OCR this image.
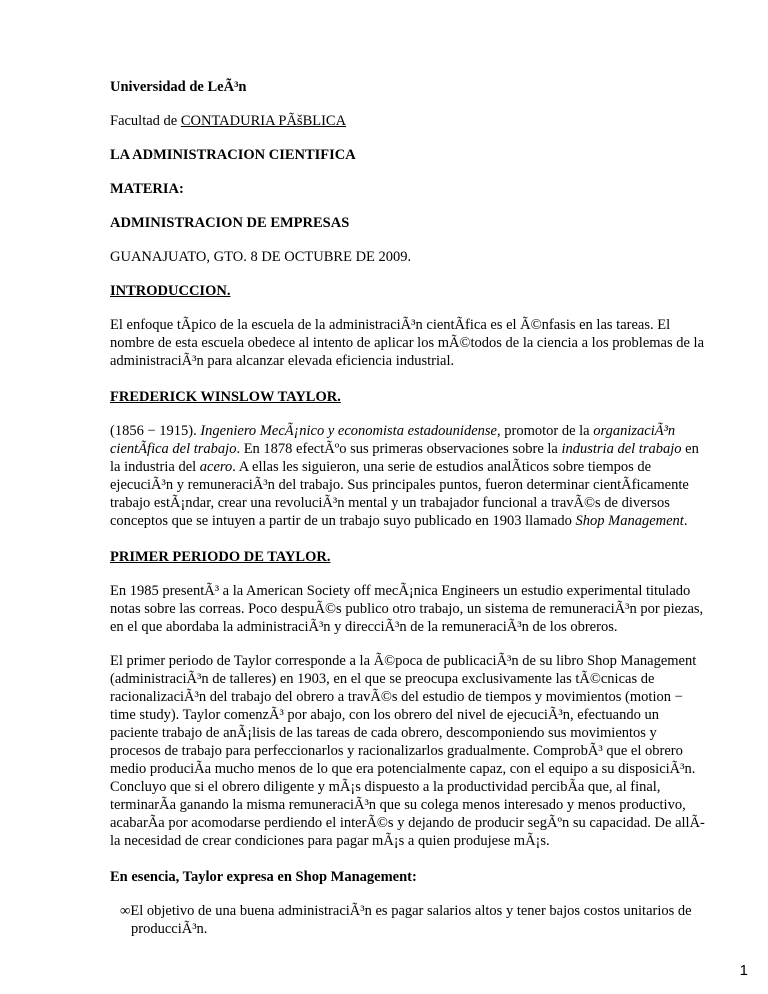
Universidad de LeÃ³n

Facultad de CONTADURIA PÃšBLICA

LA ADMINISTRACION CIENTIFICA

MATERIA:

ADMINISTRACION DE EMPRESAS

GUANAJUATO, GTO. 8 DE OCTUBRE DE 2009.

INTRODUCCION.

El enfoque tÃpico de la escuela de la administraciÃ³n cientÃfica es el Ã©nfasis en las tareas. El nombre de esta escuela obedece al intento de aplicar los mÃ©todos de la ciencia a los problemas de la administraciÃ³n para alcanzar elevada eficiencia industrial.

FREDERICK WINSLOW TAYLOR.

(1856 − 1915). Ingeniero MecÃ¡nico y economista estadounidense, promotor de la organizaciÃ³n cientÃfica del trabajo. En 1878 efectÃºo sus primeras observaciones sobre la industria del trabajo en la industria del acero. A ellas les siguieron, una serie de estudios analÃticos sobre tiempos de ejecuciÃ³n y remuneraciÃ³n del trabajo. Sus principales puntos, fueron determinar cientÃficamente trabajo estÃ¡ndar, crear una revoluciÃ³n mental y un trabajador funcional a travÃ©s de diversos conceptos que se intuyen a partir de un trabajo suyo publicado en 1903 llamado Shop Management.

PRIMER PERIODO DE TAYLOR.

En 1985 presentÃ³ a la American Society off mecÃ¡nica Engineers un estudio experimental titulado notas sobre las correas. Poco despuÃ©s publico otro trabajo, un sistema de remuneraciÃ³n por piezas, en el que abordaba la administraciÃ³n y direcciÃ³n de la remuneraciÃ³n de los obreros.

El primer periodo de Taylor corresponde a la Ã©poca de publicaciÃ³n de su libro Shop Management (administraciÃ³n de talleres) en 1903, en el que se preocupa exclusivamente las tÃ©cnicas de racionalizaciÃ³n del trabajo del obrero a travÃ©s del estudio de tiempos y movimientos (motion − time study). Taylor comenzÃ³ por abajo, con los obrero del nivel de ejecuciÃ³n, efectuando un paciente trabajo de anÃ¡lisis de las tareas de cada obrero, descomponiendo sus movimientos y procesos de trabajo para perfeccionarlos y racionalizarlos gradualmente. ComprobÃ³ que el obrero medio produciÃa mucho menos de lo que era potencialmente capaz, con el equipo a su disposiciÃ³n. Concluyo que si el obrero diligente y mÃ¡s dispuesto a la productividad percibÃa que, al final, terminarÃa ganando la misma remuneraciÃ³n que su colega menos interesado y menos productivo, acabarÃa por acomodarse perdiendo el interÃ©s y dejando de producir segÃºn su capacidad. De allÃ la necesidad de crear condiciones para pagar mÃ¡s a quien produjese mÃ¡s.

En esencia, Taylor expresa en Shop Management:

∞El objetivo de una buena administraciÃ³n es pagar salarios altos y tener bajos costos unitarios de
producciÃ³n.

1
